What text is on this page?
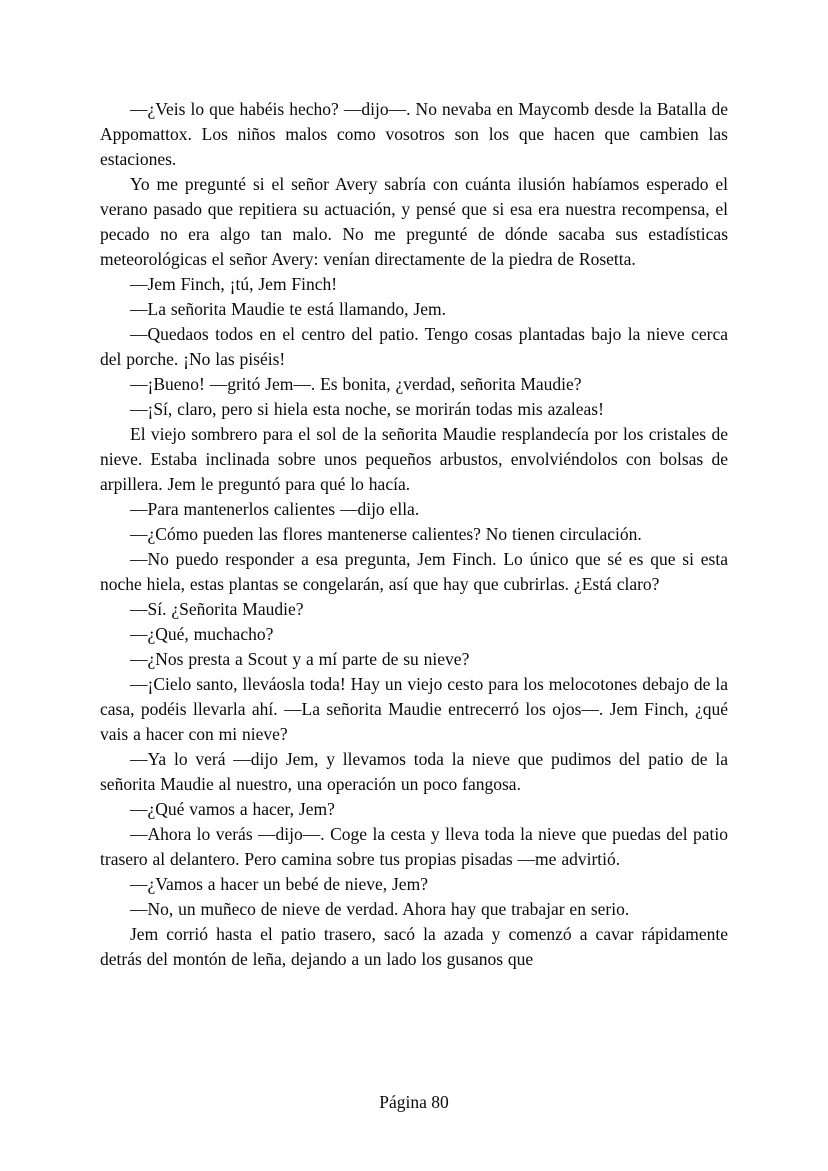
—¿Veis lo que habéis hecho? —dijo—. No nevaba en Maycomb desde la Batalla de Appomattox. Los niños malos como vosotros son los que hacen que cambien las estaciones.

Yo me pregunté si el señor Avery sabría con cuánta ilusión habíamos esperado el verano pasado que repitiera su actuación, y pensé que si esa era nuestra recompensa, el pecado no era algo tan malo. No me pregunté de dónde sacaba sus estadísticas meteorológicas el señor Avery: venían directamente de la piedra de Rosetta.

—Jem Finch, ¡tú, Jem Finch!

—La señorita Maudie te está llamando, Jem.

—Quedaos todos en el centro del patio. Tengo cosas plantadas bajo la nieve cerca del porche. ¡No las piséis!

—¡Bueno! —gritó Jem—. Es bonita, ¿verdad, señorita Maudie?

—¡Sí, claro, pero si hiela esta noche, se morirán todas mis azaleas!

El viejo sombrero para el sol de la señorita Maudie resplandecía por los cristales de nieve. Estaba inclinada sobre unos pequeños arbustos, envolviéndolos con bolsas de arpillera. Jem le preguntó para qué lo hacía.

—Para mantenerlos calientes —dijo ella.

—¿Cómo pueden las flores mantenerse calientes? No tienen circulación.

—No puedo responder a esa pregunta, Jem Finch. Lo único que sé es que si esta noche hiela, estas plantas se congelarán, así que hay que cubrirlas. ¿Está claro?

—Sí. ¿Señorita Maudie?

—¿Qué, muchacho?

—¿Nos presta a Scout y a mí parte de su nieve?

—¡Cielo santo, lleváosla toda! Hay un viejo cesto para los melocotones debajo de la casa, podéis llevarla ahí. —La señorita Maudie entrecerró los ojos—. Jem Finch, ¿qué vais a hacer con mi nieve?

—Ya lo verá —dijo Jem, y llevamos toda la nieve que pudimos del patio de la señorita Maudie al nuestro, una operación un poco fangosa.

—¿Qué vamos a hacer, Jem?

—Ahora lo verás —dijo—. Coge la cesta y lleva toda la nieve que puedas del patio trasero al delantero. Pero camina sobre tus propias pisadas —me advirtió.

—¿Vamos a hacer un bebé de nieve, Jem?

—No, un muñeco de nieve de verdad. Ahora hay que trabajar en serio.

Jem corrió hasta el patio trasero, sacó la azada y comenzó a cavar rápidamente detrás del montón de leña, dejando a un lado los gusanos que

Página 80
